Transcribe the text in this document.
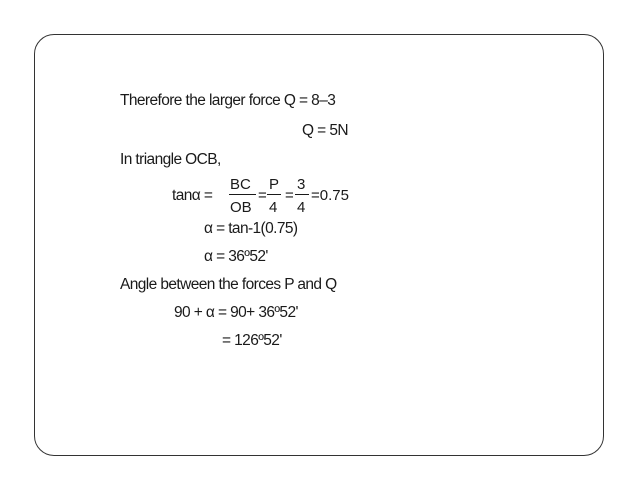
Therefore the larger force Q = 8–3
Q = 5N
In triangle OCB,
tanα =
BC
OB
=
P
4
=
3
4
=0.75
α = tan-1(0.75)
α = 36º52'
Angle between the forces P and Q
90 + α = 90+ 36º52'
= 126º52'
